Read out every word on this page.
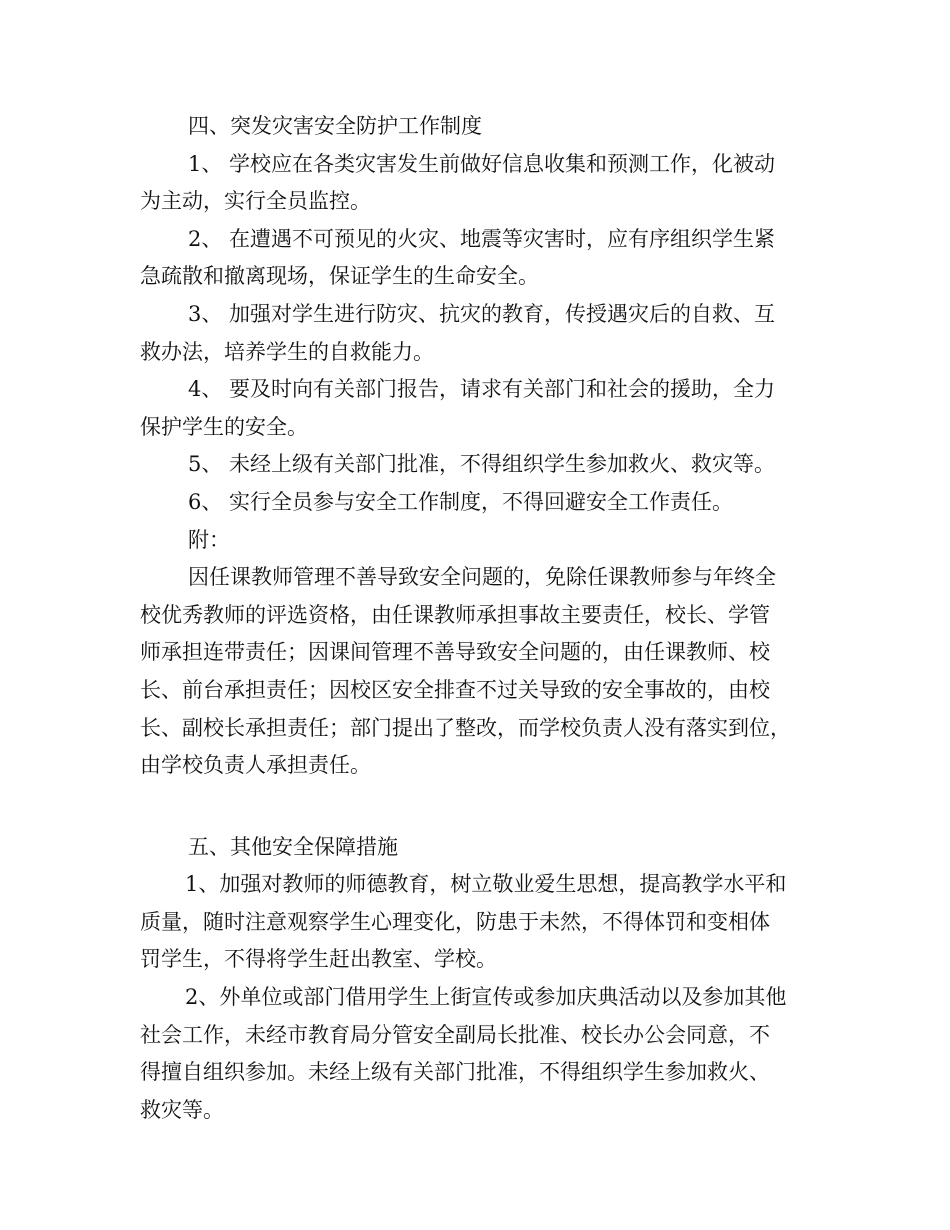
四、突发灾害安全防护工作制度
1、 学校应在各类灾害发生前做好信息收集和预测工作，化被动
为主动，实行全员监控。
2、 在遭遇不可预见的火灾、地震等灾害时，应有序组织学生紧
急疏散和撤离现场，保证学生的生命安全。
3、 加强对学生进行防灾、抗灾的教育，传授遇灾后的自救、互
救办法，培养学生的自救能力。
4、 要及时向有关部门报告，请求有关部门和社会的援助，全力
保护学生的安全。
5、 未经上级有关部门批准，不得组织学生参加救火、救灾等。
6、 实行全员参与安全工作制度，不得回避安全工作责任。
附：
因任课教师管理不善导致安全问题的，免除任课教师参与年终全
校优秀教师的评选资格，由任课教师承担事故主要责任，校长、学管
师承担连带责任；因课间管理不善导致安全问题的，由任课教师、校
长、前台承担责任；因校区安全排查不过关导致的安全事故的，由校
长、副校长承担责任；部门提出了整改，而学校负责人没有落实到位，
由学校负责人承担责任。
五、其他安全保障措施
1、加强对教师的师德教育，树立敬业爱生思想，提高教学水平和
质量，随时注意观察学生心理变化，防患于未然，不得体罚和变相体
罚学生，不得将学生赶出教室、学校。
2、外单位或部门借用学生上街宣传或参加庆典活动以及参加其他
社会工作，未经市教育局分管安全副局长批准、校长办公会同意，不
得擅自组织参加。未经上级有关部门批准，不得组织学生参加救火、
救灾等。
